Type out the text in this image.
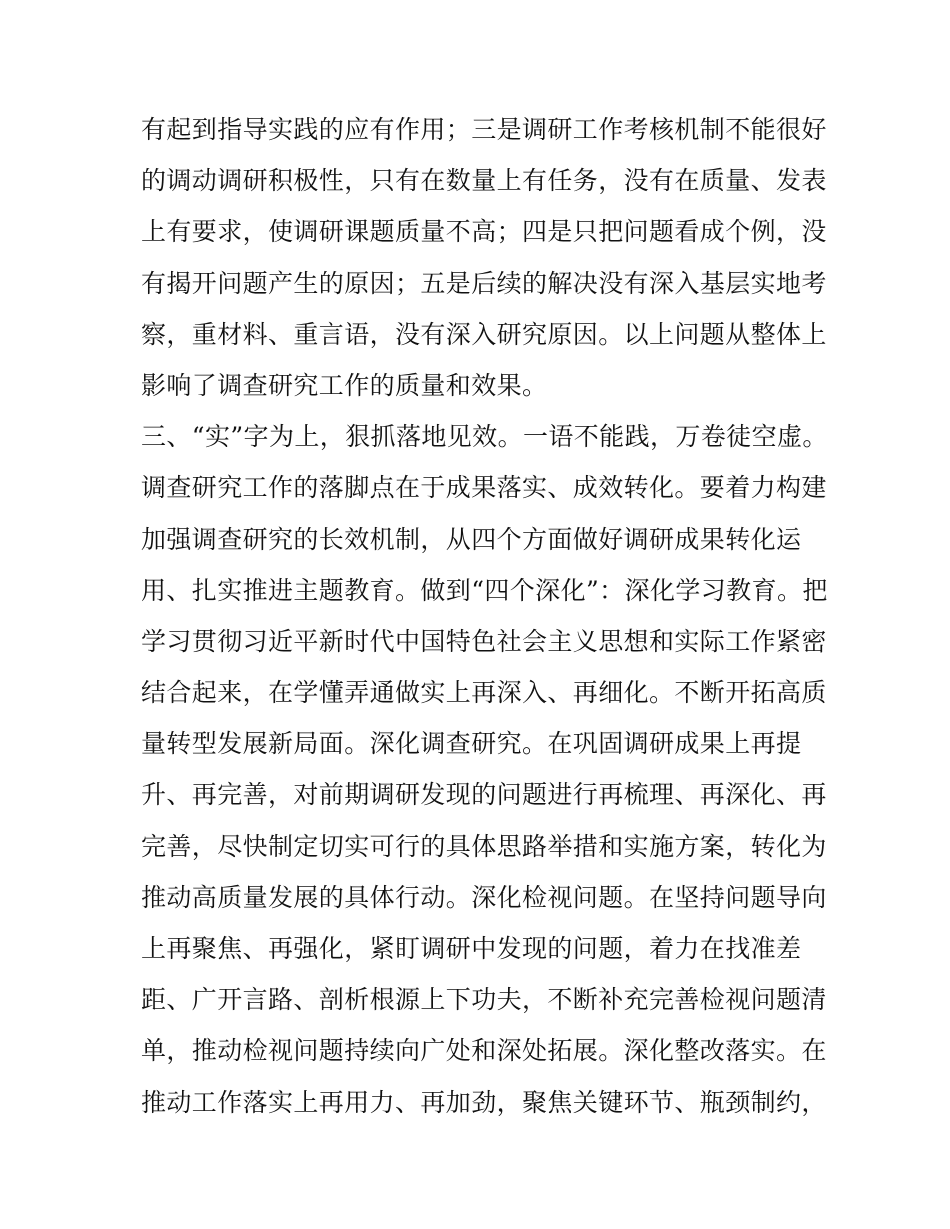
有起到指导实践的应有作用；三是调研工作考核机制不能很好
的调动调研积极性，只有在数量上有任务，没有在质量、发表
上有要求，使调研课题质量不高；四是只把问题看成个例，没
有揭开问题产生的原因；五是后续的解决没有深入基层实地考
察，重材料、重言语，没有深入研究原因。以上问题从整体上
影响了调查研究工作的质量和效果。
三、“实”字为上，狠抓落地见效。一语不能践，万卷徒空虚。
调查研究工作的落脚点在于成果落实、成效转化。要着力构建
加强调查研究的长效机制，从四个方面做好调研成果转化运
用、扎实推进主题教育。做到“四个深化”：深化学习教育。把
学习贯彻习近平新时代中国特色社会主义思想和实际工作紧密
结合起来，在学懂弄通做实上再深入、再细化。不断开拓高质
量转型发展新局面。深化调查研究。在巩固调研成果上再提
升、再完善，对前期调研发现的问题进行再梳理、再深化、再
完善，尽快制定切实可行的具体思路举措和实施方案，转化为
推动高质量发展的具体行动。深化检视问题。在坚持问题导向
上再聚焦、再强化，紧盯调研中发现的问题，着力在找准差
距、广开言路、剖析根源上下功夫，不断补充完善检视问题清
单，推动检视问题持续向广处和深处拓展。深化整改落实。在
推动工作落实上再用力、再加劲，聚焦关键环节、瓶颈制约，
